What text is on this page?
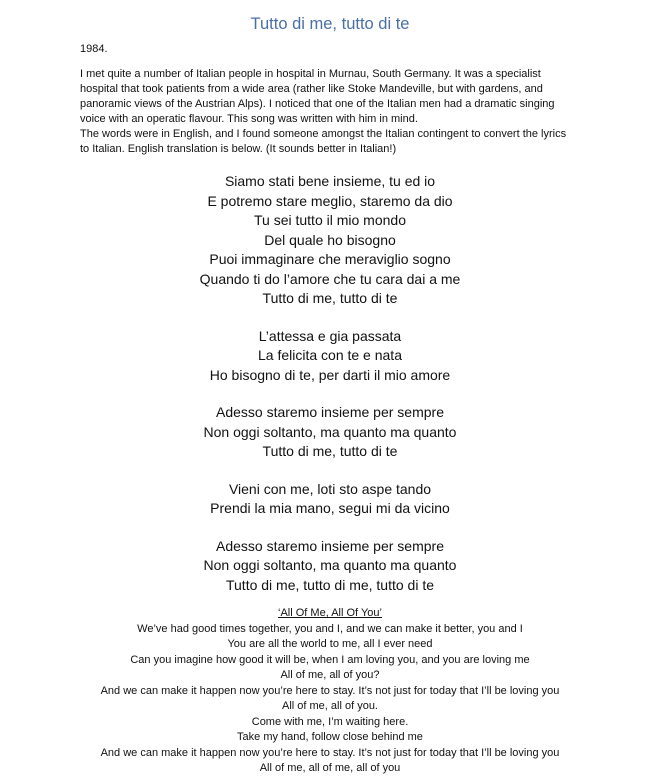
Tutto di me, tutto di te
1984.
I met quite a number of Italian people in hospital in Murnau, South Germany. It was a specialist
hospital that took patients from a wide area (rather like Stoke Mandeville, but with gardens, and
panoramic views of the Austrian Alps). I noticed that one of the Italian men had a dramatic singing
voice with an operatic flavour. This song was written with him in mind.
The words were in English, and I found someone amongst the Italian contingent to convert the lyrics
to Italian. English translation is below. (It sounds better in Italian!)
Siamo stati bene insieme, tu ed io
E potremo stare meglio, staremo da dio
Tu sei tutto il mio mondo
Del quale ho bisogno
Puoi immaginare che meraviglio sogno
Quando ti do l’amore che tu cara dai a me
Tutto di me, tutto di te
L’attessa e gia passata
La felicita con te e nata
Ho bisogno di te, per darti il mio amore
Adesso staremo insieme per sempre
Non oggi soltanto, ma quanto ma quanto
Tutto di me, tutto di te
Vieni con me, loti sto aspe tando
Prendi la mia mano, segui mi da vicino
Adesso staremo insieme per sempre
Non oggi soltanto, ma quanto ma quanto
Tutto di me, tutto di me, tutto di te
‘All Of Me, All Of You’
We’ve had good times together, you and I, and we can make it better, you and I
You are all the world to me, all I ever need
Can you imagine how good it will be, when I am loving you, and you are loving me
All of me, all of you?
And we can make it happen now you’re here to stay. It’s not just for today that I’ll be loving you
All of me, all of you.
Come with me, I’m waiting here.
Take my hand, follow close behind me
And we can make it happen now you’re here to stay. It’s not just for today that I’ll be loving you
All of me, all of me, all of you
